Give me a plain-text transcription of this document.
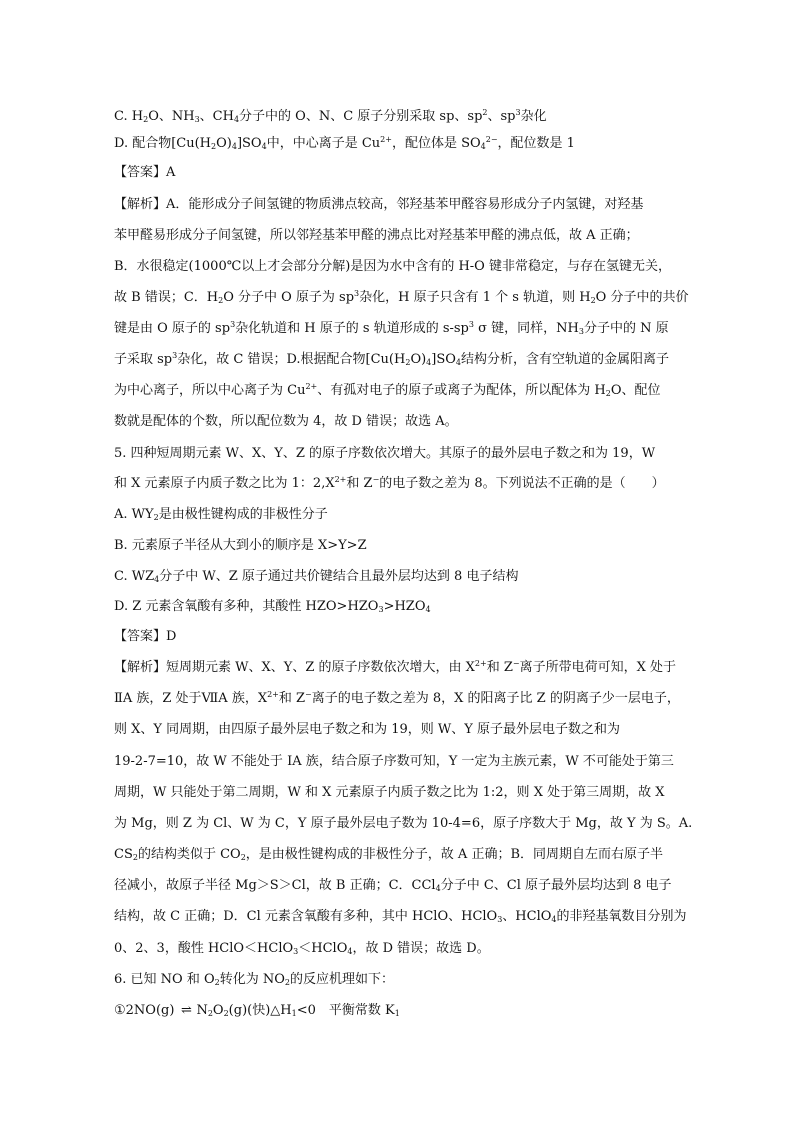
C. $H_2O$、$NH_3$、$CH_4$分子中的 O、N、C 原子分别采取 sp、$sp^2$、$sp^3$杂化
D. 配合物$[Cu(H_2O)_4]SO_4$中，中心离子是 $Cu^{2+}$，配位体是 $SO_4^{2-}$，配位数是 1
【答案】A
【解析】A．能形成分子间氢键的物质沸点较高，邻羟基苯甲醛容易形成分子内氢键，对羟基
苯甲醛易形成分子间氢键，所以邻羟基苯甲醛的沸点比对羟基苯甲醛的沸点低，故 A 正确；
B．水很稳定(1000℃以上才会部分分解)是因为水中含有的 H-O 键非常稳定，与存在氢键无关，
故 B 错误；C．$H_2O$ 分子中 O 原子为 $sp^3$杂化，H 原子只含有 1 个 s 轨道，则 $H_2O$ 分子中的共价
键是由 O 原子的 $sp^3$杂化轨道和 H 原子的 s 轨道形成的 $s-sp^3$ σ 键，同样，$NH_3$分子中的 N 原
子采取 $sp^3$杂化，故 C 错误；D.根据配合物$[Cu(H_2O)_4]SO_4$结构分析，含有空轨道的金属阳离子
为中心离子，所以中心离子为 $Cu^{2+}$、有孤对电子的原子或离子为配体，所以配体为 $H_2O$、配位
数就是配体的个数，所以配位数为 4，故 D 错误；故选 A。
5. 四种短周期元素 W、X、Y、Z 的原子序数依次增大。其原子的最外层电子数之和为 19，W
和 X 元素原子内质子数之比为 1：$2,X^{2+}$和 Z−的电子数之差为 8。下列说法不正确的是（　　）
A. $WY_2$是由极性键构成的非极性分子
B. 元素原子半径从大到小的顺序是 X>Y>Z
C. $WZ_4$分子中 W、Z 原子通过共价键结合且最外层均达到 8 电子结构
D. Z 元素含氧酸有多种，其酸性 $HZO>HZO_3>HZO_4$
【答案】D
【解析】短周期元素 W、X、Y、Z 的原子序数依次增大，由 $X^{2+}$和 Z−离子所带电荷可知，X 处于
ⅡA 族，Z 处于ⅦA 族，$X^{2+}$和 Z−离子的电子数之差为 8，X 的阳离子比 Z 的阴离子少一层电子，
则 X、Y 同周期，由四原子最外层电子数之和为 19，则 W、Y 原子最外层电子数之和为
19-2-7=10，故 W 不能处于 IA 族，结合原子序数可知，Y 一定为主族元素，W 不可能处于第三
周期，W 只能处于第二周期，W 和 X 元素原子内质子数之比为 1:2，则 X 处于第三周期，故 X
为 Mg，则 Z 为 Cl、W 为 C，Y 原子最外层电子数为 10-4=6，原子序数大于 Mg，故 Y 为 S。A.
$CS_2$的结构类似于 $CO_2$，是由极性键构成的非极性分子，故 A 正确；B．同周期自左而右原子半
径减小，故原子半径 Mg＞S＞Cl，故 B 正确；C．CCl$_4$分子中 C、Cl 原子最外层均达到 8 电子
结构，故 C 正确；D．Cl 元素含氧酸有多种，其中 HClO、HClO$_3$、HClO$_4$的非羟基氧数目分别为
0、2、3，酸性 HClO＜HClO$_3$＜HClO$_4$，故 D 错误；故选 D。
6. 已知 NO 和 $O_2$转化为 $NO_2$的反应机理如下：
①2NO(g) ⇌ $N_2O_2(g)$(快)$\triangle H_1<0$　平衡常数 $K_1$
